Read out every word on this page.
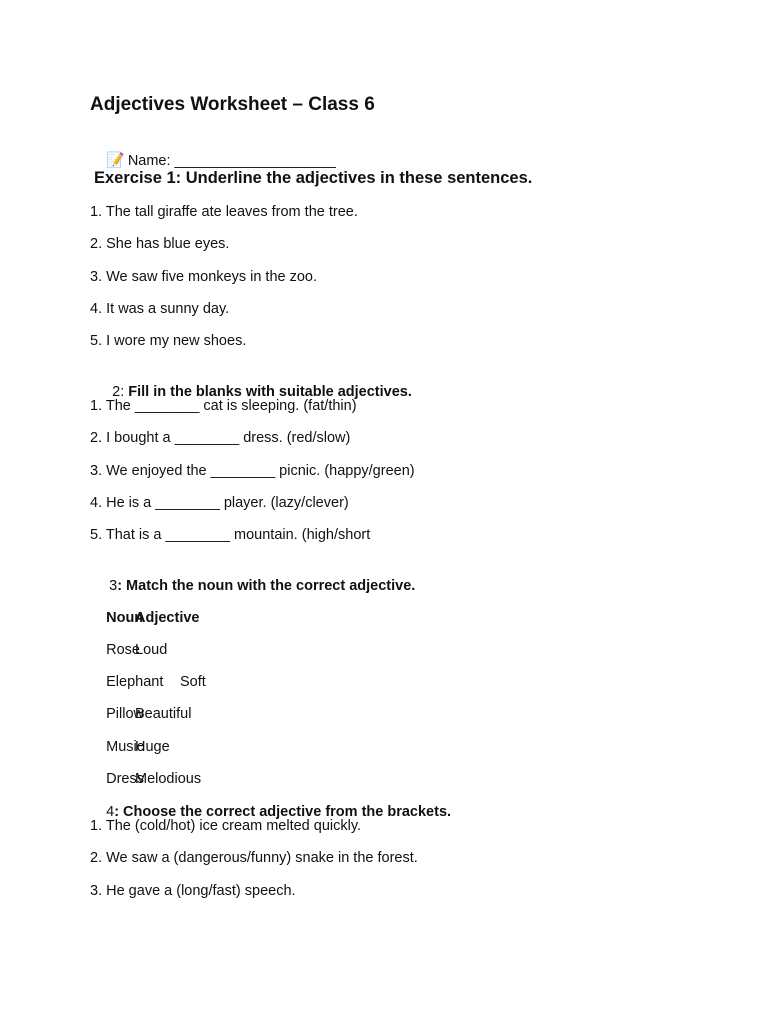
Adjectives Worksheet – Class 6

📝 Name: ____________________

Exercise 1: Underline the adjectives in these sentences.
1. The tall giraffe ate leaves from the tree.
2. She has blue eyes.
3. We saw five monkeys in the zoo.
4. It was a sunny day.
5. I wore my new shoes.

2: Fill in the blanks with suitable adjectives.

1. The ________ cat is sleeping. (fat/thin)
2. I bought a ________ dress. (red/slow)
3. We enjoyed the ________ picnic. (happy/green)
4. He is a ________ player. (lazy/clever)
5. That is a ________ mountain. (high/short

3: Match the noun with the correct adjective.

Noun
Adjective

Rose
Loud

Elephant Soft

Pillow
Beautiful

Music
Huge

Dress
Melodious

4: Choose the correct adjective from the brackets.

1. The (cold/hot) ice cream melted quickly.
2. We saw a (dangerous/funny) snake in the forest.
3. He gave a (long/fast) speech.
